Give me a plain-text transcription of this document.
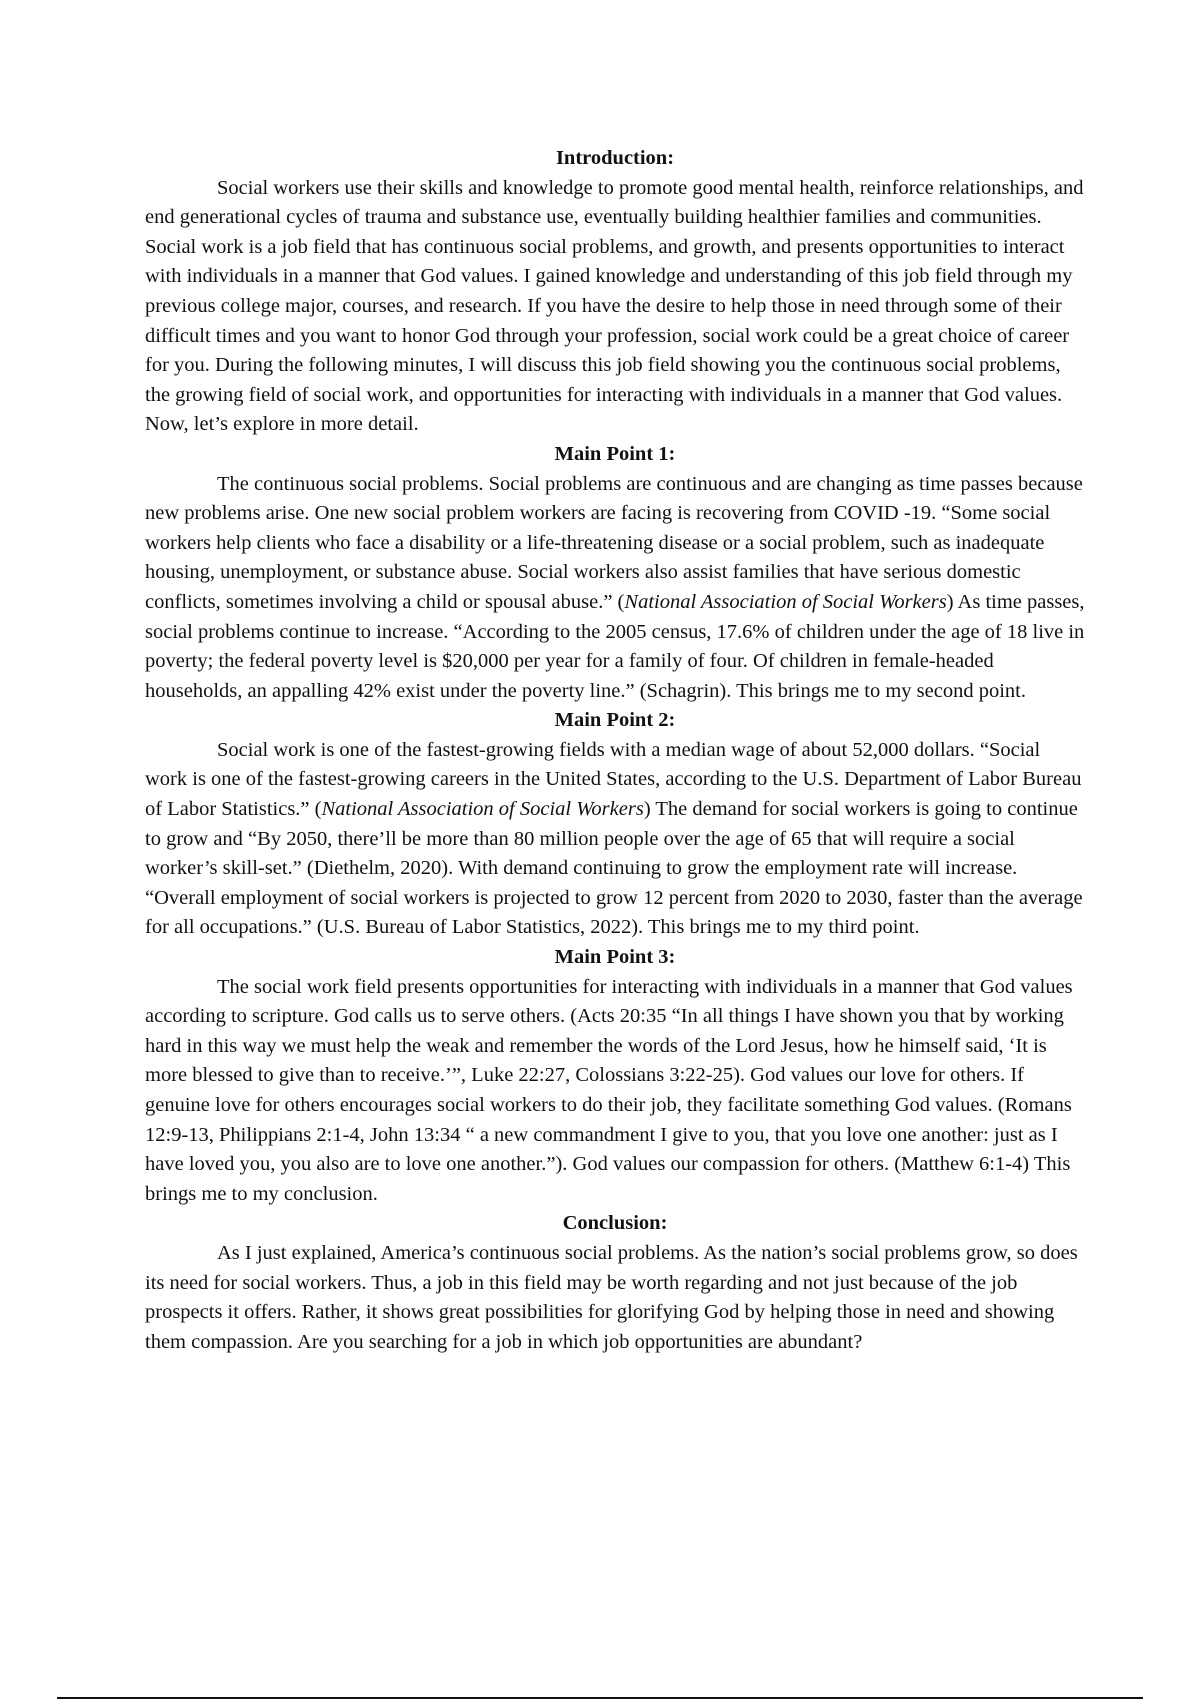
Introduction:

Social workers use their skills and knowledge to promote good mental health, reinforce relationships, and end generational cycles of trauma and substance use, eventually building healthier families and communities. Social work is a job field that has continuous social problems, and growth, and presents opportunities to interact with individuals in a manner that God values. I gained knowledge and understanding of this job field through my previous college major, courses, and research. If you have the desire to help those in need through some of their difficult times and you want to honor God through your profession, social work could be a great choice of career for you. During the following minutes, I will discuss this job field showing you the continuous social problems, the growing field of social work, and opportunities for interacting with individuals in a manner that God values. Now, let’s explore in more detail.

Main Point 1:

The continuous social problems. Social problems are continuous and are changing as time passes because new problems arise. One new social problem workers are facing is recovering from COVID -19. “Some social workers help clients who face a disability or a life-threatening disease or a social problem, such as inadequate housing, unemployment, or substance abuse. Social workers also assist families that have serious domestic conflicts, sometimes involving a child or spousal abuse.” (National Association of Social Workers) As time passes, social problems continue to increase. “According to the 2005 census, 17.6% of children under the age of 18 live in poverty; the federal poverty level is $20,000 per year for a family of four. Of children in female-headed households, an appalling 42% exist under the poverty line.” (Schagrin). This brings me to my second point.

Main Point 2:

Social work is one of the fastest-growing fields with a median wage of about 52,000 dollars. “Social work is one of the fastest-growing careers in the United States, according to the U.S. Department of Labor Bureau of Labor Statistics.” (National Association of Social Workers) The demand for social workers is going to continue to grow and “By 2050, there’ll be more than 80 million people over the age of 65 that will require a social worker’s skill-set.” (Diethelm, 2020). With demand continuing to grow the employment rate will increase. “Overall employment of social workers is projected to grow 12 percent from 2020 to 2030, faster than the average for all occupations.” (U.S. Bureau of Labor Statistics, 2022). This brings me to my third point.

Main Point 3:

The social work field presents opportunities for interacting with individuals in a manner that God values according to scripture. God calls us to serve others. (Acts 20:35 “In all things I have shown you that by working hard in this way we must help the weak and remember the words of the Lord Jesus, how he himself said, ‘It is more blessed to give than to receive.’”, Luke 22:27, Colossians 3:22-25). God values our love for others. If genuine love for others encourages social workers to do their job, they facilitate something God values. (Romans 12:9-13, Philippians 2:1-4, John 13:34 “ a new commandment I give to you, that you love one another: just as I have loved you, you also are to love one another.”). God values our compassion for others. (Matthew 6:1-4) This brings me to my conclusion.

Conclusion:

As I just explained, America’s continuous social problems. As the nation’s social problems grow, so does its need for social workers. Thus, a job in this field may be worth regarding and not just because of the job prospects it offers. Rather, it shows great possibilities for glorifying God by helping those in need and showing them compassion. Are you searching for a job in which job opportunities are abundant?
